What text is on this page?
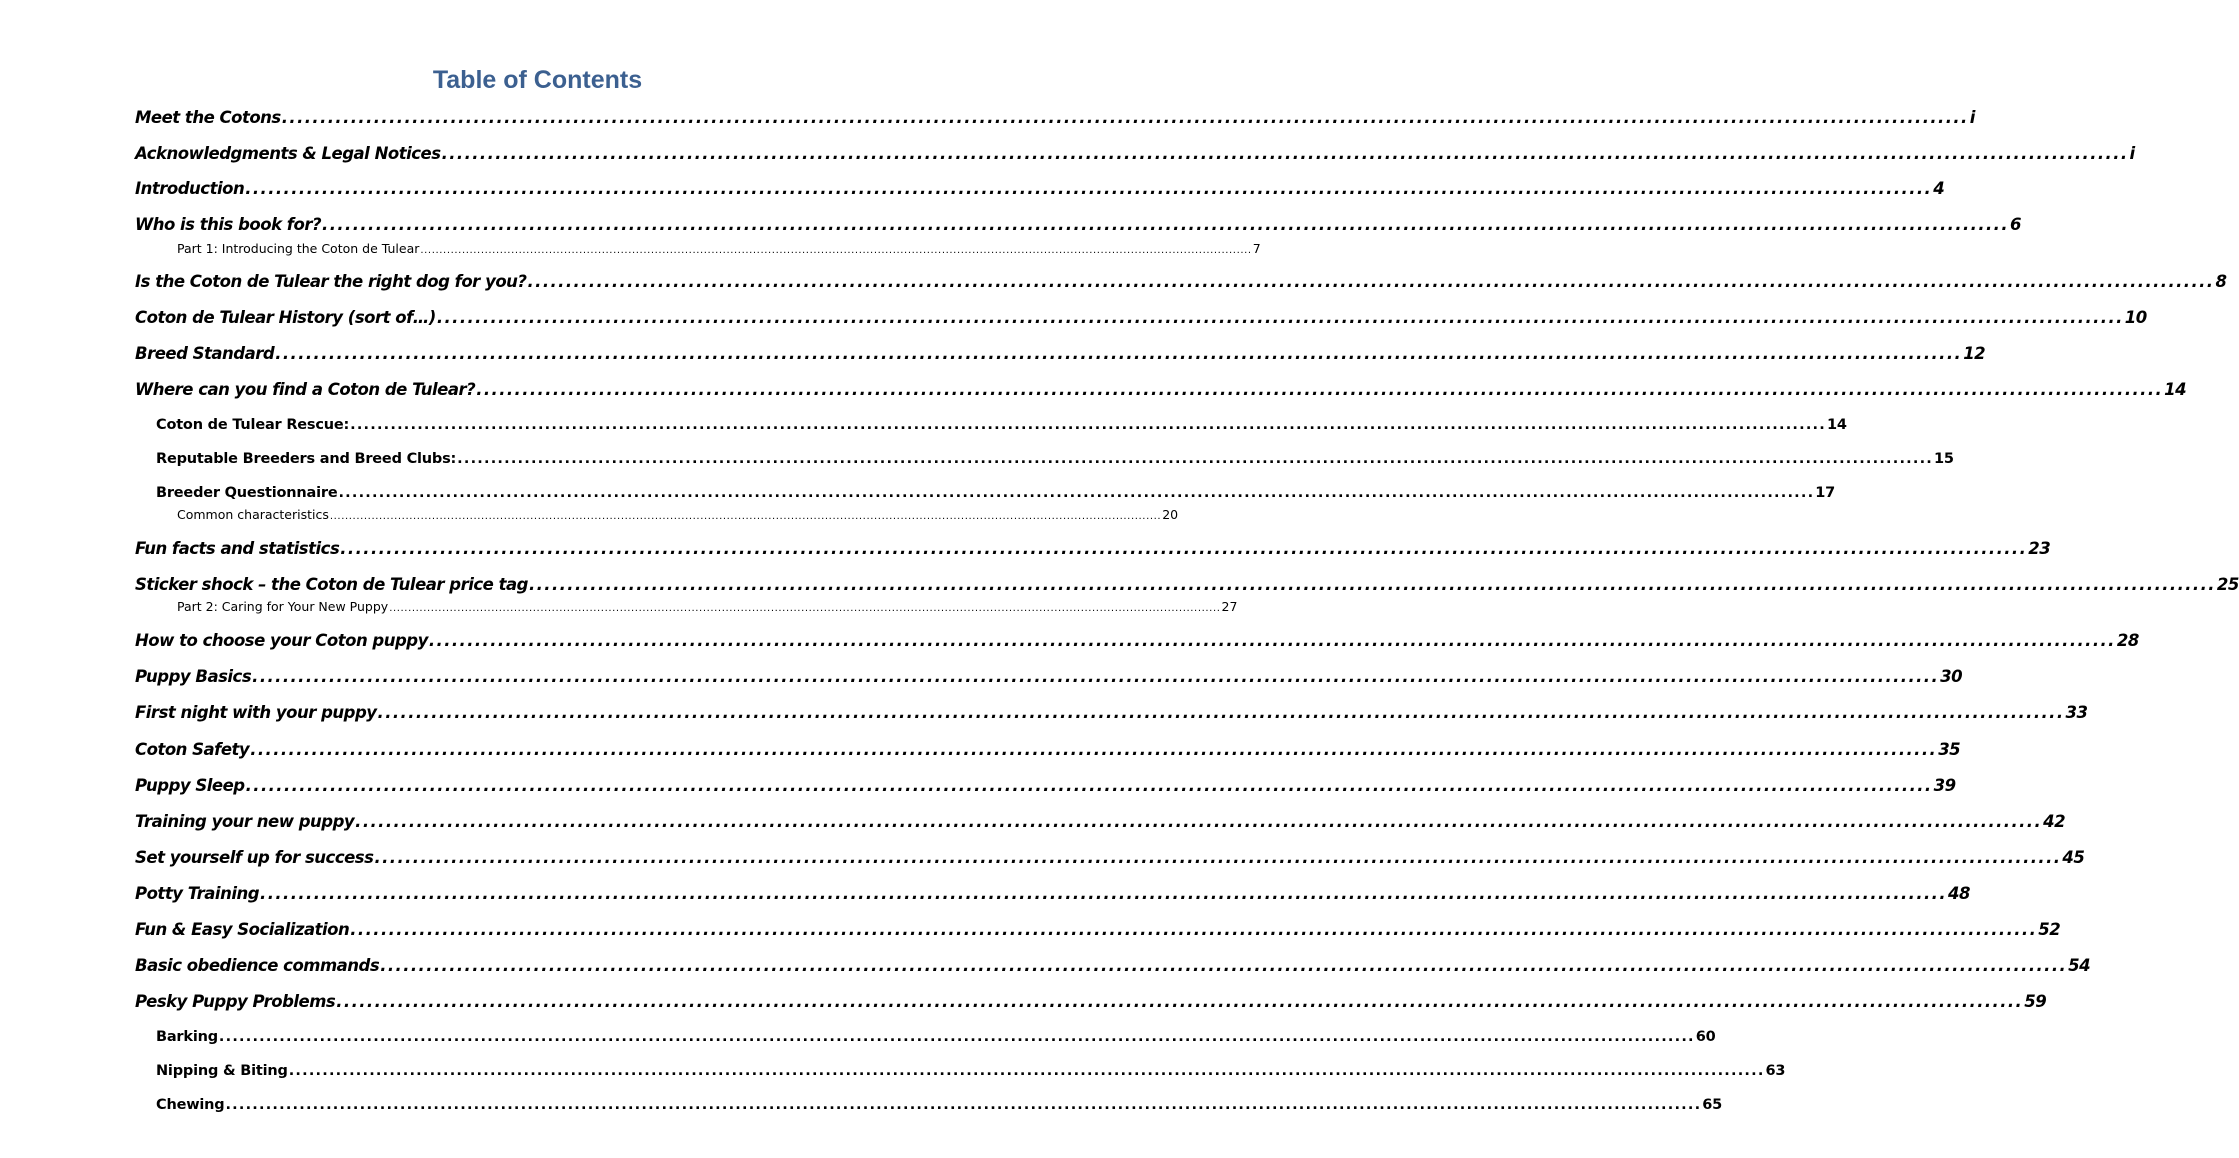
Table of Contents
Meet the Cotons ............................................................................................................................................................................................................................ i
Acknowledgments & Legal Notices ............................................................................................................................................................................................................................ i
Introduction ............................................................................................................................................................................................................................ 4
Who is this book for? ............................................................................................................................................................................................................................ 6
Part 1: Introducing the Coton de Tulear ............................................................................................................................................................................................................................ 7
Is the Coton de Tulear the right dog for you? ............................................................................................................................................................................................................................ 8
Coton de Tulear History (sort of…) ............................................................................................................................................................................................................................ 10
Breed Standard ............................................................................................................................................................................................................................ 12
Where can you find a Coton de Tulear? ............................................................................................................................................................................................................................ 14
Coton de Tulear Rescue: ............................................................................................................................................................................................................................ 14
Reputable Breeders and Breed Clubs: ............................................................................................................................................................................................................................ 15
Breeder Questionnaire ............................................................................................................................................................................................................................ 17
Common characteristics ............................................................................................................................................................................................................................ 20
Fun facts and statistics ............................................................................................................................................................................................................................ 23
Sticker shock – the Coton de Tulear price tag ............................................................................................................................................................................................................................ 25
Part 2: Caring for Your New Puppy ............................................................................................................................................................................................................................ 27
How to choose your Coton puppy ............................................................................................................................................................................................................................ 28
Puppy Basics ............................................................................................................................................................................................................................ 30
First night with your puppy ............................................................................................................................................................................................................................ 33
Coton Safety ............................................................................................................................................................................................................................ 35
Puppy Sleep ............................................................................................................................................................................................................................ 39
Training your new puppy ............................................................................................................................................................................................................................ 42
Set yourself up for success ............................................................................................................................................................................................................................ 45
Potty Training ............................................................................................................................................................................................................................ 48
Fun & Easy Socialization ............................................................................................................................................................................................................................ 52
Basic obedience commands ............................................................................................................................................................................................................................ 54
Pesky Puppy Problems ............................................................................................................................................................................................................................ 59
Barking ............................................................................................................................................................................................................................ 60
Nipping & Biting ............................................................................................................................................................................................................................ 63
Chewing ............................................................................................................................................................................................................................ 65
